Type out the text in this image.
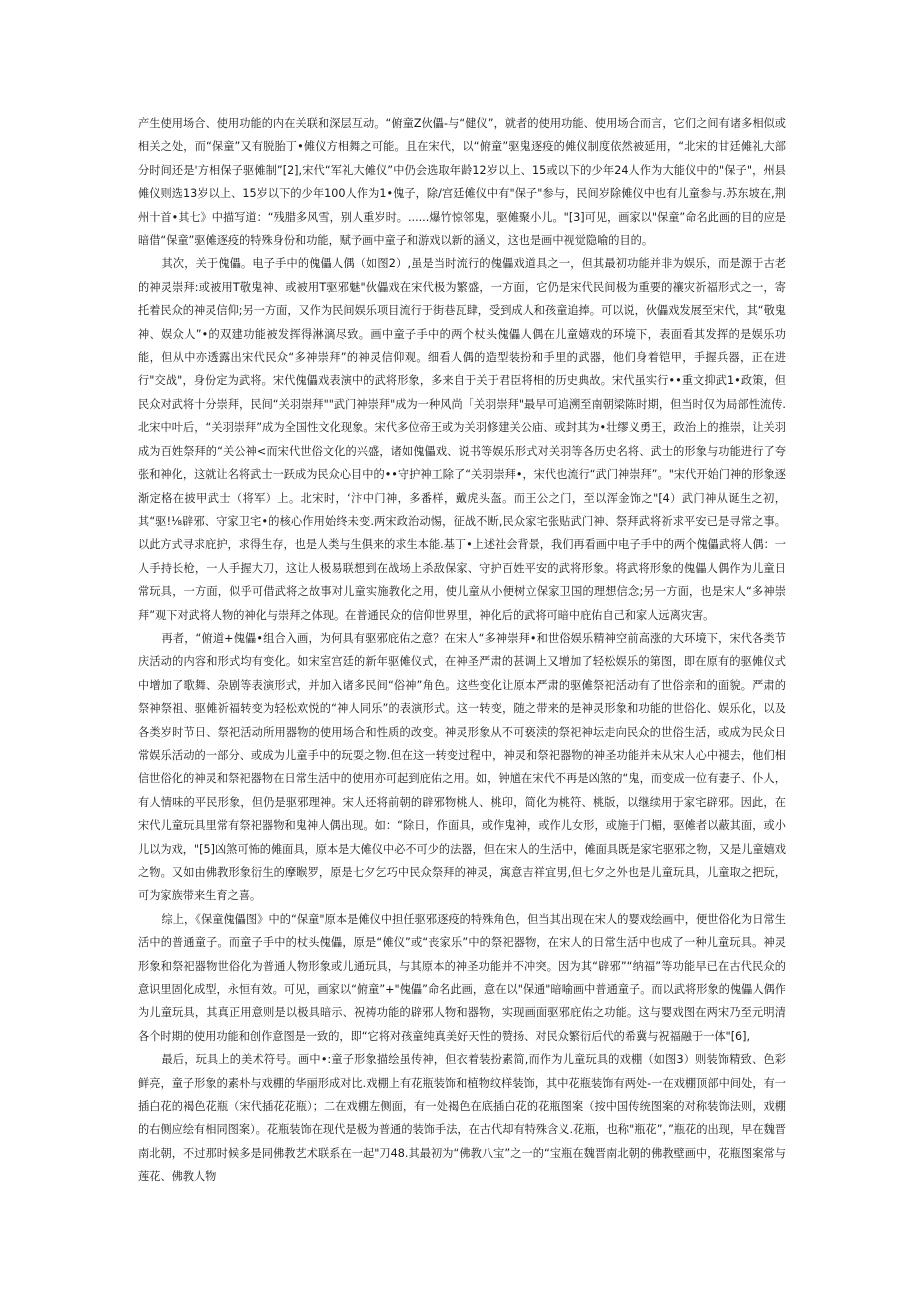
产生使用场合、使用功能的内在关联和深层互动。“俯童Z伙儡-与“健仪”，就者的使用功能、使用场合而言，它们之间有诸多相似或相关之处，而“保童”又有脱胎丁•傩仪方相舞之可能。且在宋代，以“俯童”驱鬼逐疫的傩仪制度依然被延用，“北宋的甘廷傩礼大部分时间还是'方相保子驱傩制”[2],宋代“军礼大傩仪”中仍会选取年龄12岁以上、15或以下的少年24人作为大能仪中的"保子"，州县傩仪则选13岁以上、15岁以下的少年100人作为1•傀子，除/宫廷傩仪中有"保子"参与，民间岁除傩仪中也有儿童参与.苏东坡在,荆州十首•其七》中描写道：“残腊多风雪，别人重岁时。......爆竹惊邻鬼，驱傩聚小儿。"[3]可见，画家以"保童”命名此画的目的应是暗借“保童”驱傩逐疫的特殊身份和功能，赋予画中童子和游戏以新的涵义，这也是画中视觉隐喻的目的。

其次，关于傀儡。电子手中的傀儡人偶（如图2）,虽是当时流行的傀儡戏道具之一，但其最初功能并非为娱乐，而是源于古老的神灵崇拜:或被用T敬鬼神、或被用T驱邪魅"伙儡戏在宋代极为繁盛，一方面，它仍是宋代民间极为重要的禳灾祈福形式之一，寄托着民众的神灵信仰;另一方面，又作为民间娱乐项目流行于街巷瓦肆，受到成人和孩童追捧。可以说，伙儡戏发展至宋代，其“敬鬼神、娱众人”•的双建功能被发挥得淋漓尽致。画中童子手中的两个杖头傀儡人偶在儿童嬉戏的环境下，表面看其发挥的是娱乐功能，但从中亦透露出宋代民众“多神崇拜”的神灵信仰观。细看人偶的造型装扮和手里的武器，他们身着铠甲，手握兵器，正在进行"交战"，身份定为武将。宋代傀儡戏表演中的武将形象，多来自于关于君臣将相的历史典故。宋代虽实行••重文抑武1•政策，但民众对武将十分崇拜，民间“关羽崇拜""武门神崇拜"成为一种风尚「关羽崇拜"最早可追溯至南朝梁陈时期，但当时仅为局部性流传.北宋中叶后，“关羽崇拜”成为全国性文化现象。宋代多位帝王或为关羽修建关公庙、或封其为•壮缪义勇王，政治上的推崇，让关羽成为百姓祭拜的“关公神<而宋代世俗文化的兴盛，诸如傀儡戏、说书等娱乐形式对关羽等各历史名将、武士的形象与功能进行了夸张和神化，这就让名将武士一跃成为民众心目中的••守护神工除了“关羽崇拜•，宋代也流行“武门神崇拜”。"宋代开始门神的形象逐渐定格在披甲武士（将军）上。北宋时，‘汴中门神，多番样，戴虎头盔。而王公之门，至以浑金饰之"[4）武门神从诞生之初，其“驱!⅛辟邪、守家卫宅•的核心作用始终未变.两宋政治动惕，征战不断,民众家宅张贴武门神、祭拜武将祈求平安已是寻常之事。以此方式寻求庇护，求得生存，也是人类与生俱来的求生本能.基丁•上述社会背景，我们再看画中电子手中的两个傀儡武将人偶：一人手持长枪，一人手握大刀，这让人极易联想到在战场上杀敌保家、守护百姓平安的武将形象。将武将形象的傀儡人偶作为儿童日常玩具，一方面，似乎可借武将之故事对儿童实施教化之用，使儿童从小便树立保家卫国的理想信念;另一方面，也是宋人“多神崇拜”观下对武将人物的神化与崇拜之体现。在普通民众的信仰世界里，神化后的武将可暗中庇佑自己和家人远离灾害。

再者，“俯道+傀儡•组合入画，为何具有驱邪庇佑之意？在宋人“多神崇拜•和世俗娱乐精神空前高涨的大环境下，宋代各类节庆活动的内容和形式均有变化。如宋室宫廷的新年驱傩仪式，在神圣严肃的甚调上又增加了轻松娱乐的第图，即在原有的驱傩仪式中增加了歌舞、杂剧等表演形式，并加入诸多民间“俗神”角色。这些变化让原本严肃的驱傩祭祀活动有了世俗亲和的面貌。严肃的祭神祭祖、驱傩祈福转变为轻松欢悦的“神人同乐”的表演形式。这一转变，随之带来的是神灵形象和功能的世俗化、娱乐化，以及各类岁时节日、祭祀活动所用器物的使用场合和性质的改变。神灵形象从不可亵渎的祭祀神坛走向民众的世俗生活，或成为民众日常娱乐活动的一部分、或成为儿童手中的玩耍之物.但在这一转变过程中，神灵和祭祀器物的神圣功能并未从宋人心中褪去，他们相信世俗化的神灵和祭祀器物在日常生活中的使用亦可起到庇佑之用。如，钟馗在宋代不再是凶煞的“鬼，而变成一位有妻子、仆人，有人情味的平民形象，但仍是驱邪理神。宋人还将前朝的辟邪物桃人、桃印，简化为桃符、桃版，以继续用于家宅辟邪。因此，在宋代儿童玩具里常有祭祀器物和鬼神人偶出现。如：“除日，作面具，或作鬼神，或作儿女形，或施于门楣，驱傩者以蔽其面，或小儿以为戏，"[5]凶煞可怖的傩面具，原本是大傩仪中必不可少的法器，但在宋人的生活中，傩面具既是家宅驱邪之物，又是儿童嬉戏之物。又如由佛教形象衍生的摩睺罗，原是七夕乞巧中民众祭拜的神灵，寓意吉祥宜男,但七夕之外也是儿童玩具，儿童取之把玩，可为家族带来生育之喜。

综上，《保童傀儡图》中的“保童"原本是傩仪中担任驱邪逐疫的特殊角色，但当其出现在宋人的婴戏绘画中，便世俗化为日常生活中的普通童子。而童子手中的杖头傀儡，原是“傩仪”或“丧家乐”中的祭祀器物，在宋人的日常生活中也成了一种儿童玩具。神灵形象和祭祀器物世俗化为普通人物形象或儿通玩具，与其原本的神圣功能并不冲突。因为其“辟邪”“纳福”等功能早已在古代民众的意识里固化成型，永恒有效。可见，画家以“俯童”+"傀儡”命名此画，意在以"保通"暗喻画中普通童子。而以武将形象的傀儡人偶作为儿童玩具，其真正用意则是以极具暗示、祝祷功能的辟邪人物和器物，实现画面驱邪庇佑之功能。这与婴戏图在两宋乃至元明清各个时期的使用功能和创作意图是一致的，即“它将对孩童纯真美好天性的赞扬、对民众繁衍后代的希冀与祝福融于一体"[6],

最后，玩具上的美术符号。画中•:童子形象描绘虽传神，但衣着装扮素简,而作为儿童玩具的戏棚（如图3）则装饰精致、色彩鲜亮，童子形象的素朴与戏棚的华丽形成对比.戏棚上有花瓶装饰和植物纹样装饰，其中花瓶装饰有两处-一在戏棚顶部中间处，有一插白花的褐色花瓶（宋代插花花瓶）；二在戏棚左侧面，有一处褐色在底插白花的花瓶图案（按中国传统图案的对称装饰法则，戏棚的右侧应绘有相同图案）。花瓶装饰在现代是极为普通的装饰手法，在古代却有特殊含义.花瓶，也称"瓶花”，”瓶花的出现，早在魏晋南北朝，不过那时候多是同佛教艺术联系在一起"刀48.其最初为“佛教八宝”之一的“宝瓶在魏晋南北朝的佛教壁画中，花瓶图案常与莲花、佛教人物
